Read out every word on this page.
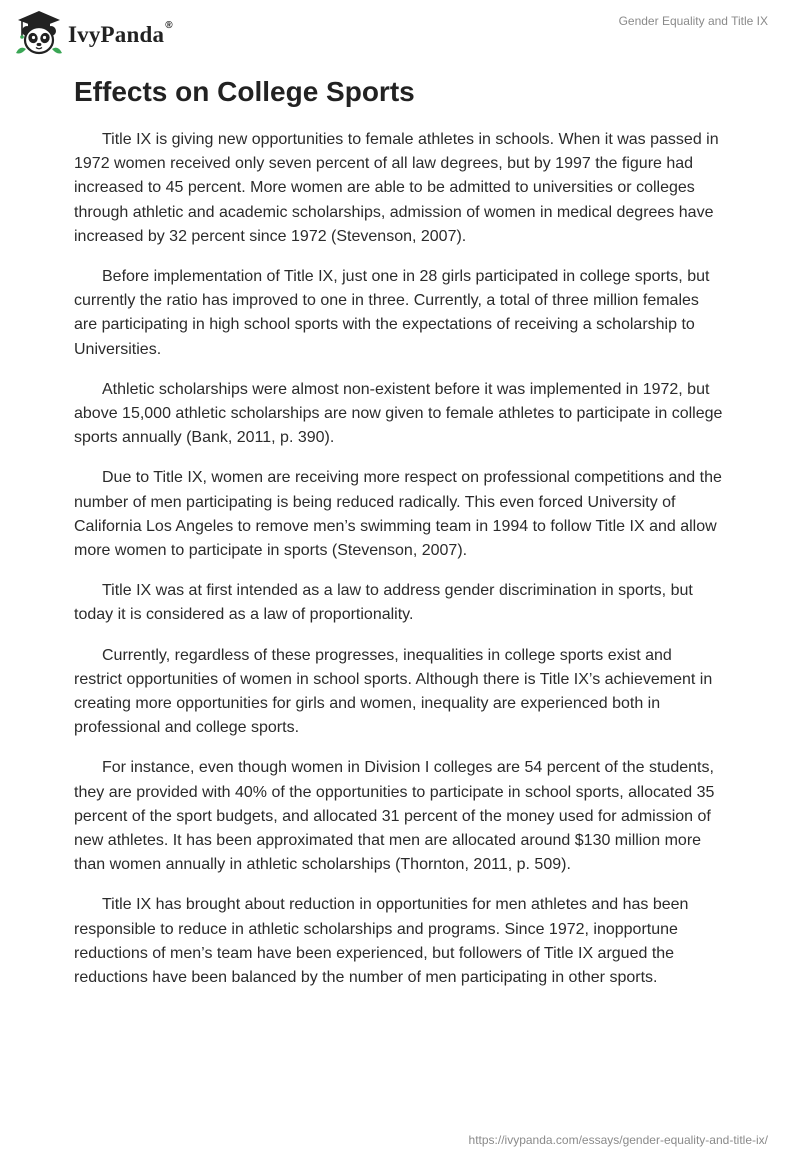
IvyPanda®	Gender Equality and Title IX
Effects on College Sports

Title IX is giving new opportunities to female athletes in schools. When it was passed in 1972 women received only seven percent of all law degrees, but by 1997 the figure had increased to 45 percent. More women are able to be admitted to universities or colleges through athletic and academic scholarships, admission of women in medical degrees have increased by 32 percent since 1972 (Stevenson, 2007).

Before implementation of Title IX, just one in 28 girls participated in college sports, but currently the ratio has improved to one in three. Currently, a total of three million females are participating in high school sports with the expectations of receiving a scholarship to Universities.

Athletic scholarships were almost non-existent before it was implemented in 1972, but above 15,000 athletic scholarships are now given to female athletes to participate in college sports annually (Bank, 2011, p. 390).

Due to Title IX, women are receiving more respect on professional competitions and the number of men participating is being reduced radically. This even forced University of California Los Angeles to remove men’s swimming team in 1994 to follow Title IX and allow more women to participate in sports (Stevenson, 2007).

Title IX was at first intended as a law to address gender discrimination in sports, but today it is considered as a law of proportionality.

Currently, regardless of these progresses, inequalities in college sports exist and restrict opportunities of women in school sports. Although there is Title IX’s achievement in creating more opportunities for girls and women, inequality are experienced both in professional and college sports.

For instance, even though women in Division I colleges are 54 percent of the students, they are provided with 40% of the opportunities to participate in school sports, allocated 35 percent of the sport budgets, and allocated 31 percent of the money used for admission of new athletes. It has been approximated that men are allocated around $130 million more than women annually in athletic scholarships (Thornton, 2011, p. 509).

Title IX has brought about reduction in opportunities for men athletes and has been responsible to reduce in athletic scholarships and programs. Since 1972, inopportune reductions of men’s team have been experienced, but followers of Title IX argued the reductions have been balanced by the number of men participating in other sports.

https://ivypanda.com/essays/gender-equality-and-title-ix/
